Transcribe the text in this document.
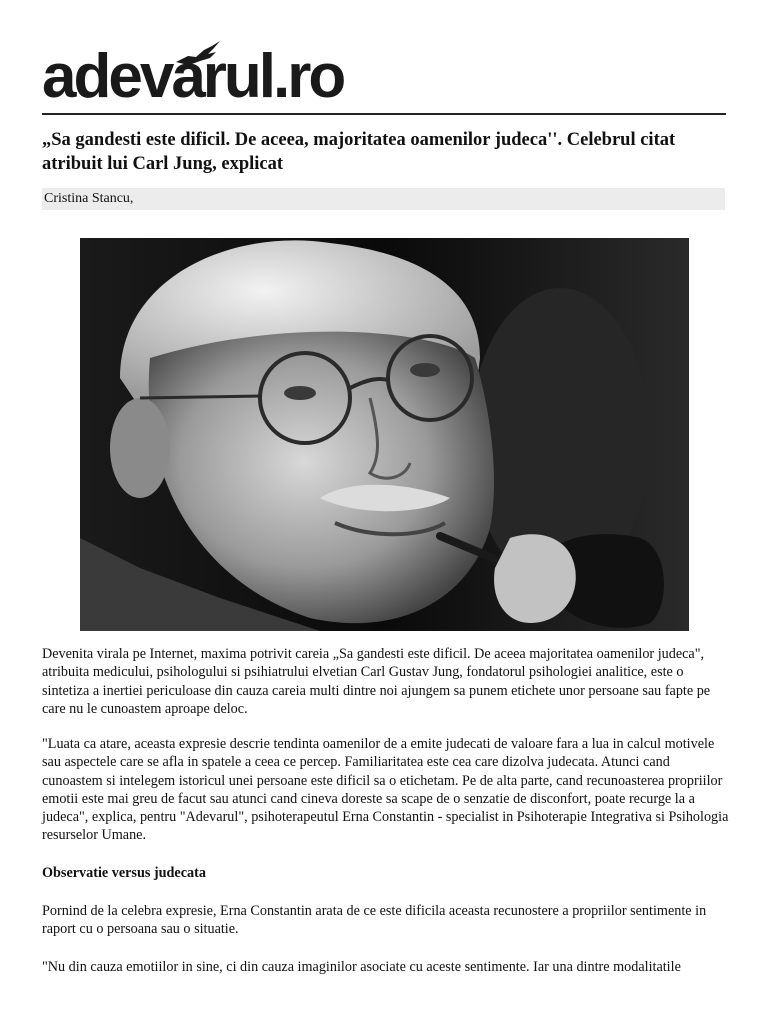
adevarul.ro
„Sa gandesti este dificil. De aceea, majoritatea oamenilor judeca''. Celebrul citat atribuit lui Carl Jung, explicat
Cristina Stancu,

Devenita virala pe Internet, maxima potrivit careia „Sa gandesti este dificil. De aceea majoritatea oamenilor judeca", atribuita medicului, psihologului si psihiatrului elvetian Carl Gustav Jung, fondatorul psihologiei analitice, este o sintetiza a inertiei periculoase din cauza careia multi dintre noi ajungem sa punem etichete unor persoane sau fapte pe care nu le cunoastem aproape deloc.

"Luata ca atare, aceasta expresie descrie tendinta oamenilor de a emite judecati de valoare fara a lua in calcul motivele sau aspectele care se afla in spatele a ceea ce percep. Familiaritatea este cea care dizolva judecata. Atunci cand cunoastem si intelegem istoricul unei persoane este dificil sa o etichetam. Pe de alta parte, cand recunoasterea propriilor emotii este mai greu de facut sau atunci cand cineva doreste sa scape de o senzatie de disconfort, poate recurge la a judeca", explica, pentru "Adevarul", psihoterapeutul Erna Constantin - specialist in Psihoterapie Integrativa si Psihologia resurselor Umane.

Observatie versus judecata

Pornind de la celebra expresie, Erna Constantin arata de ce este dificila aceasta recunostere a propriilor sentimente in raport cu o persoana sau o situatie.

"Nu din cauza emotiilor in sine, ci din cauza imaginilor asociate cu aceste sentimente. Iar una dintre modalitatile
